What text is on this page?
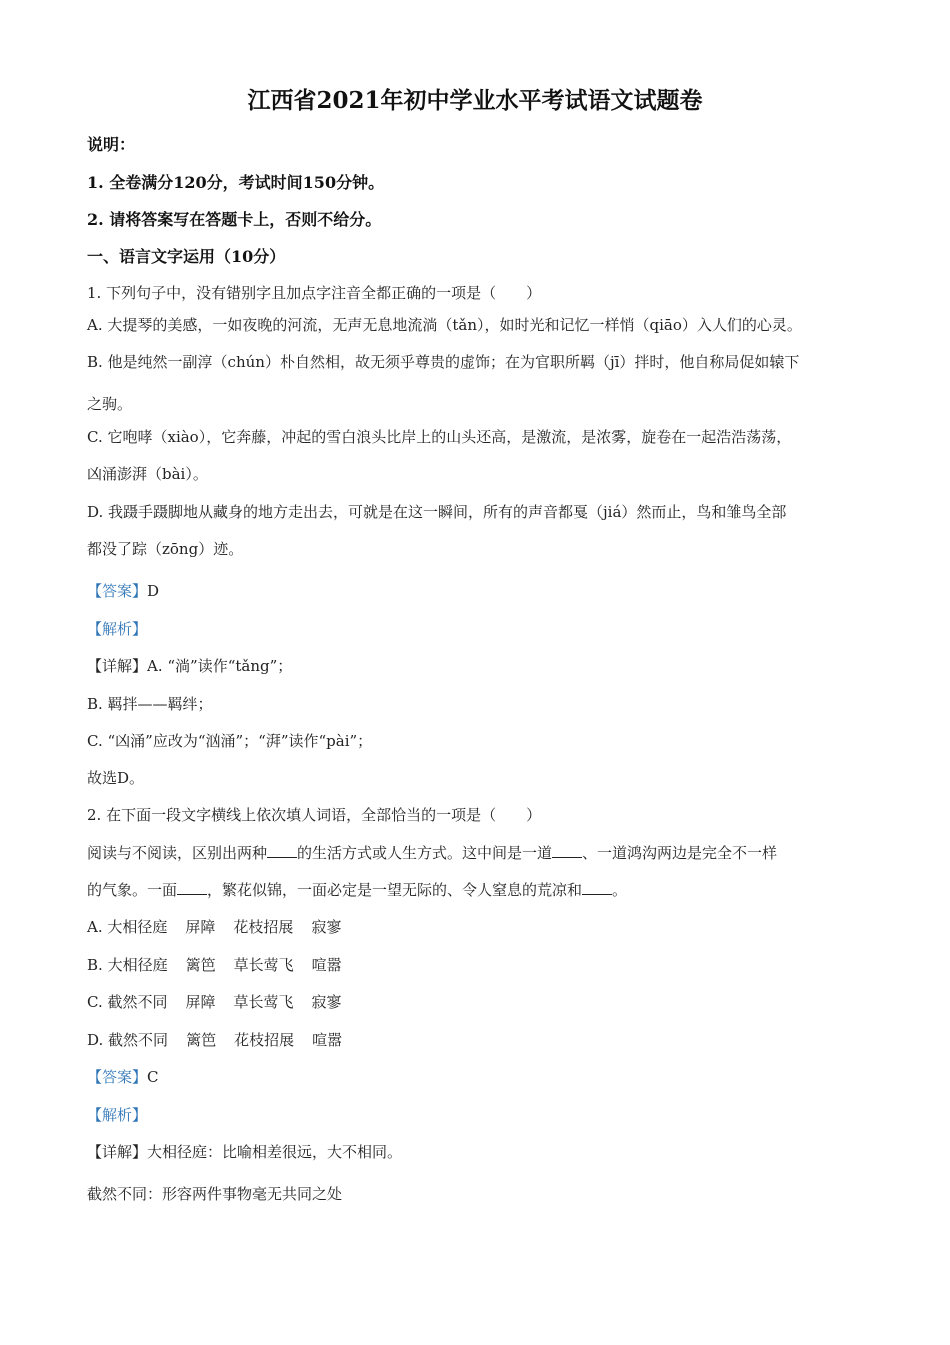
江西省2021年初中学业水平考试语文试题卷
说明：
1. 全卷满分120分，考试时间150分钟。
2. 请将答案写在答题卡上，否则不给分。
一、语言文字运用（10分）
1. 下列句子中，没有错别字且加点字注音全都正确的一项是（　　）
A. 大提琴的美感，一如夜晚的河流，无声无息地流淌（tǎn），如时光和记忆一样悄（qiāo）入人们的心灵。
B. 他是纯然一副淳（chún）朴自然相，故无须乎尊贵的虚饰；在为官职所羁（jī）拌时，他自称局促如辕下
之驹。
C. 它咆哮（xiào），它奔藤，冲起的雪白浪头比岸上的山头还高，是激流，是浓雾，旋卷在一起浩浩荡荡，
凶涌澎湃（bài）。
D. 我蹑手蹑脚地从藏身的地方走出去，可就是在这一瞬间，所有的声音都戛（jiá）然而止，鸟和雏鸟全部
都没了踪（zōng）迹。
【答案】D
【解析】
【详解】A. “淌”读作“tǎng”；
B. 羁拌——羁绊；
C. “凶涌”应改为“汹涌”；“湃”读作“pài”；
故选D。
2. 在下面一段文字横线上依次填人词语，全部恰当的一项是（　　）
阅读与不阅读，区别出两种 的生活方式或人生方式。这中间是一道 、一道鸿沟两边是完全不一样
的气象。一面 ，繁花似锦，一面必定是一望无际的、令人窒息的荒凉和 。
A. 大相径庭 屏障 花枝招展 寂寥
B. 大相径庭 篱笆 草长莺飞 喧嚣
C. 截然不同 屏障 草长莺飞 寂寥
D. 截然不同 篱笆 花枝招展 喧嚣
【答案】C
【解析】
【详解】大相径庭：比喻相差很远，大不相同。
截然不同：形容两件事物毫无共同之处
